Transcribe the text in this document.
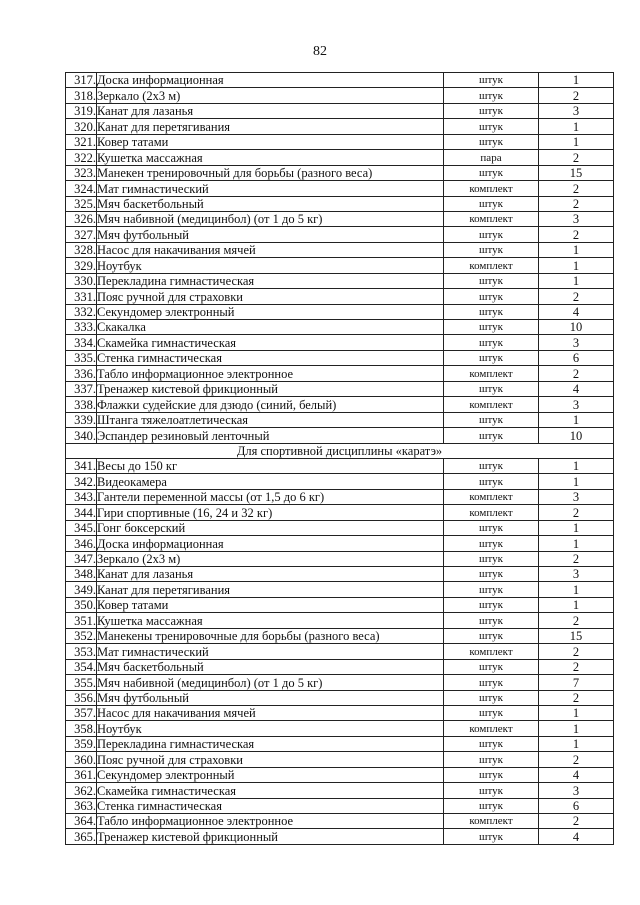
82
317.	Доска информационная	штук	1
318.	Зеркало (2х3 м)	штук	2
319.	Канат для лазанья	штук	3
320.	Канат для перетягивания	штук	1
321.	Ковер татами	штук	1
322.	Кушетка массажная	пара	2
323.	Манекен тренировочный для борьбы (разного веса)	штук	15
324.	Мат гимнастический	комплект	2
325.	Мяч баскетбольный	штук	2
326.	Мяч набивной (медицинбол) (от 1 до 5 кг)	комплект	3
327.	Мяч футбольный	штук	2
328.	Насос для накачивания мячей	штук	1
329.	Ноутбук	комплект	1
330.	Перекладина гимнастическая	штук	1
331.	Пояс ручной для страховки	штук	2
332.	Секундомер электронный	штук	4
333.	Скакалка	штук	10
334.	Скамейка гимнастическая	штук	3
335.	Стенка гимнастическая	штук	6
336.	Табло информационное электронное	комплект	2
337.	Тренажер кистевой фрикционный	штук	4
338.	Флажки судейские для дзюдо (синий, белый)	комплект	3
339.	Штанга тяжелоатлетическая	штук	1
340.	Эспандер резиновый ленточный	штук	10
Для спортивной дисциплины «каратэ»			
341.	Весы до 150 кг	штук	1
342.	Видеокамера	штук	1
343.	Гантели переменной массы (от 1,5 до 6 кг)	комплект	3
344.	Гири спортивные (16, 24 и 32 кг)	комплект	2
345.	Гонг боксерский	штук	1
346.	Доска информационная	штук	1
347.	Зеркало (2х3 м)	штук	2
348.	Канат для лазанья	штук	3
349.	Канат для перетягивания	штук	1
350.	Ковер татами	штук	1
351.	Кушетка массажная	штук	2
352.	Манекены тренировочные для борьбы (разного веса)	штук	15
353.	Мат гимнастический	комплект	2
354.	Мяч баскетбольный	штук	2
355.	Мяч набивной (медицинбол) (от 1 до 5 кг)	штук	7
356.	Мяч футбольный	штук	2
357.	Насос для накачивания мячей	штук	1
358.	Ноутбук	комплект	1
359.	Перекладина гимнастическая	штук	1
360.	Пояс ручной для страховки	штук	2
361.	Секундомер электронный	штук	4
362.	Скамейка гимнастическая	штук	3
363.	Стенка гимнастическая	штук	6
364.	Табло информационное электронное	комплект	2
365.	Тренажер кистевой фрикционный	штук	4
